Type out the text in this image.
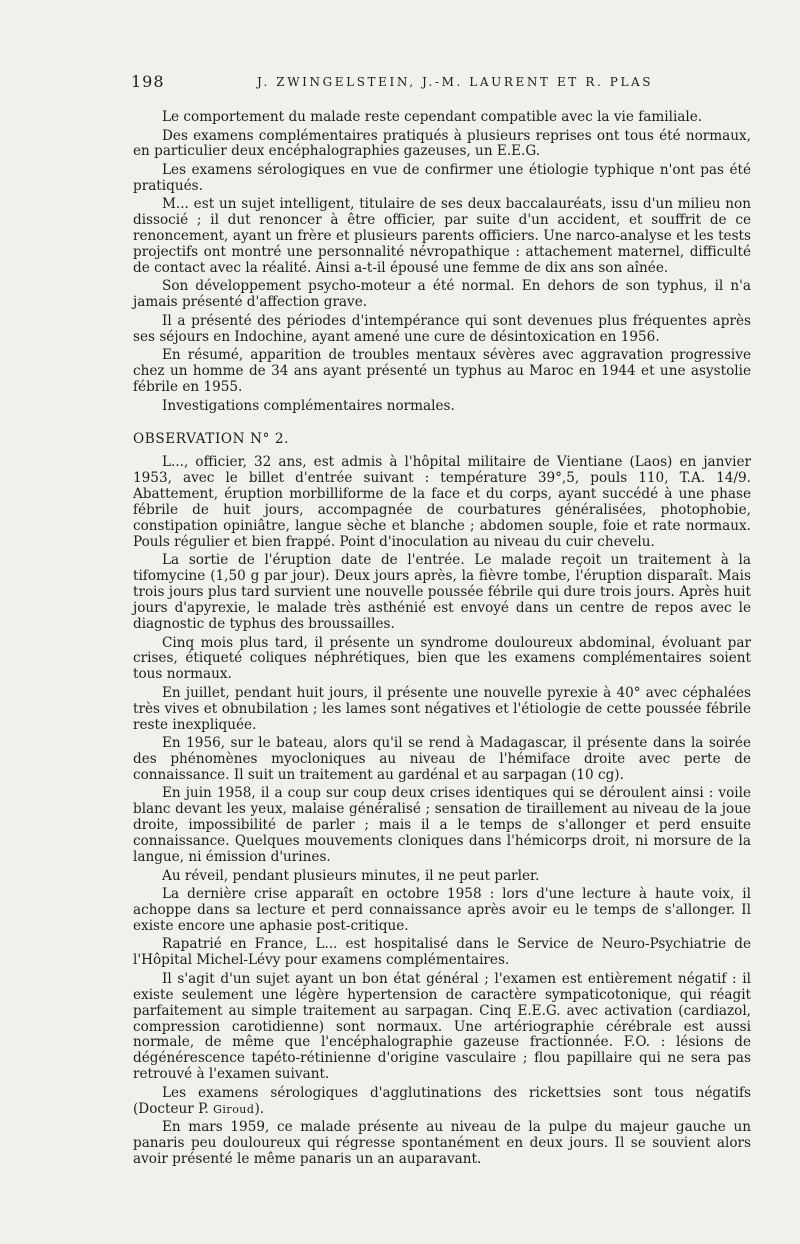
198	J. ZWINGELSTEIN, J.-M. LAURENT ET R. PLAS

Le comportement du malade reste cependant compatible avec la vie familiale.

Des examens complémentaires pratiqués à plusieurs reprises ont tous été normaux, en particulier deux encéphalographies gazeuses, un E.E.G.

Les examens sérologiques en vue de confirmer une étiologie typhique n'ont pas été pratiqués.

M... est un sujet intelligent, titulaire de ses deux baccalauréats, issu d'un milieu non dissocié ; il dut renoncer à être officier, par suite d'un accident, et souffrit de ce renoncement, ayant un frère et plusieurs parents officiers. Une narco-analyse et les tests projectifs ont montré une personnalité névropathique : attachement maternel, difficulté de contact avec la réalité. Ainsi a-t-il épousé une femme de dix ans son aînée.

Son développement psycho-moteur a été normal. En dehors de son typhus, il n'a jamais présenté d'affection grave.

Il a présenté des périodes d'intempérance qui sont devenues plus fréquentes après ses séjours en Indochine, ayant amené une cure de désintoxication en 1956.

En résumé, apparition de troubles mentaux sévères avec aggravation progressive chez un homme de 34 ans ayant présenté un typhus au Maroc en 1944 et une asystolie fébrile en 1955.

Investigations complémentaires normales.

OBSERVATION N° 2.

L..., officier, 32 ans, est admis à l'hôpital militaire de Vientiane (Laos) en janvier 1953, avec le billet d'entrée suivant : température 39°,5, pouls 110, T.A. 14/9. Abattement, éruption morbilliforme de la face et du corps, ayant succédé à une phase fébrile de huit jours, accompagnée de courbatures généralisées, photophobie, constipation opiniâtre, langue sèche et blanche ; abdomen souple, foie et rate normaux. Pouls régulier et bien frappé. Point d'inoculation au niveau du cuir chevelu.

La sortie de l'éruption date de l'entrée. Le malade reçoit un traitement à la tifomycine (1,50 g par jour). Deux jours après, la fièvre tombe, l'éruption disparaît. Mais trois jours plus tard survient une nouvelle poussée fébrile qui dure trois jours. Après huit jours d'apyrexie, le malade très asthénié est envoyé dans un centre de repos avec le diagnostic de typhus des broussailles.

Cinq mois plus tard, il présente un syndrome douloureux abdominal, évoluant par crises, étiqueté coliques néphrétiques, bien que les examens complémentaires soient tous normaux.

En juillet, pendant huit jours, il présente une nouvelle pyrexie à 40° avec céphalées très vives et obnubilation ; les lames sont négatives et l'étiologie de cette poussée fébrile reste inexpliquée.

En 1956, sur le bateau, alors qu'il se rend à Madagascar, il présente dans la soirée des phénomènes myocloniques au niveau de l'hémiface droite avec perte de connaissance. Il suit un traitement au gardénal et au sarpagan (10 cg).

En juin 1958, il a coup sur coup deux crises identiques qui se déroulent ainsi : voile blanc devant les yeux, malaise généralisé ; sensation de tiraillement au niveau de la joue droite, impossibilité de parler ; mais il a le temps de s'allonger et perd ensuite connaissance. Quelques mouvements cloniques dans l'hémicorps droit, ni morsure de la langue, ni émission d'urines.

Au réveil, pendant plusieurs minutes, il ne peut parler.

La dernière crise apparaît en octobre 1958 : lors d'une lecture à haute voix, il achoppe dans sa lecture et perd connaissance après avoir eu le temps de s'allonger. Il existe encore une aphasie post-critique.

Rapatrié en France, L... est hospitalisé dans le Service de Neuro-Psychiatrie de l'Hôpital Michel-Lévy pour examens complémentaires.

Il s'agit d'un sujet ayant un bon état général ; l'examen est entièrement négatif : il existe seulement une légère hypertension de caractère sympaticotonique, qui réagit parfaitement au simple traitement au sarpagan. Cinq E.E.G. avec activation (cardiazol, compression carotidienne) sont normaux. Une artériographie cérébrale est aussi normale, de même que l'encéphalographie gazeuse fractionnée. F.O. : lésions de dégénérescence tapéto-rétinienne d'origine vasculaire ; flou papillaire qui ne sera pas retrouvé à l'examen suivant.

Les examens sérologiques d'agglutinations des rickettsies sont tous négatifs (Docteur P. Giroud).

En mars 1959, ce malade présente au niveau de la pulpe du majeur gauche un panaris peu douloureux qui régresse spontanément en deux jours. Il se souvient alors avoir présenté le même panaris un an auparavant.
